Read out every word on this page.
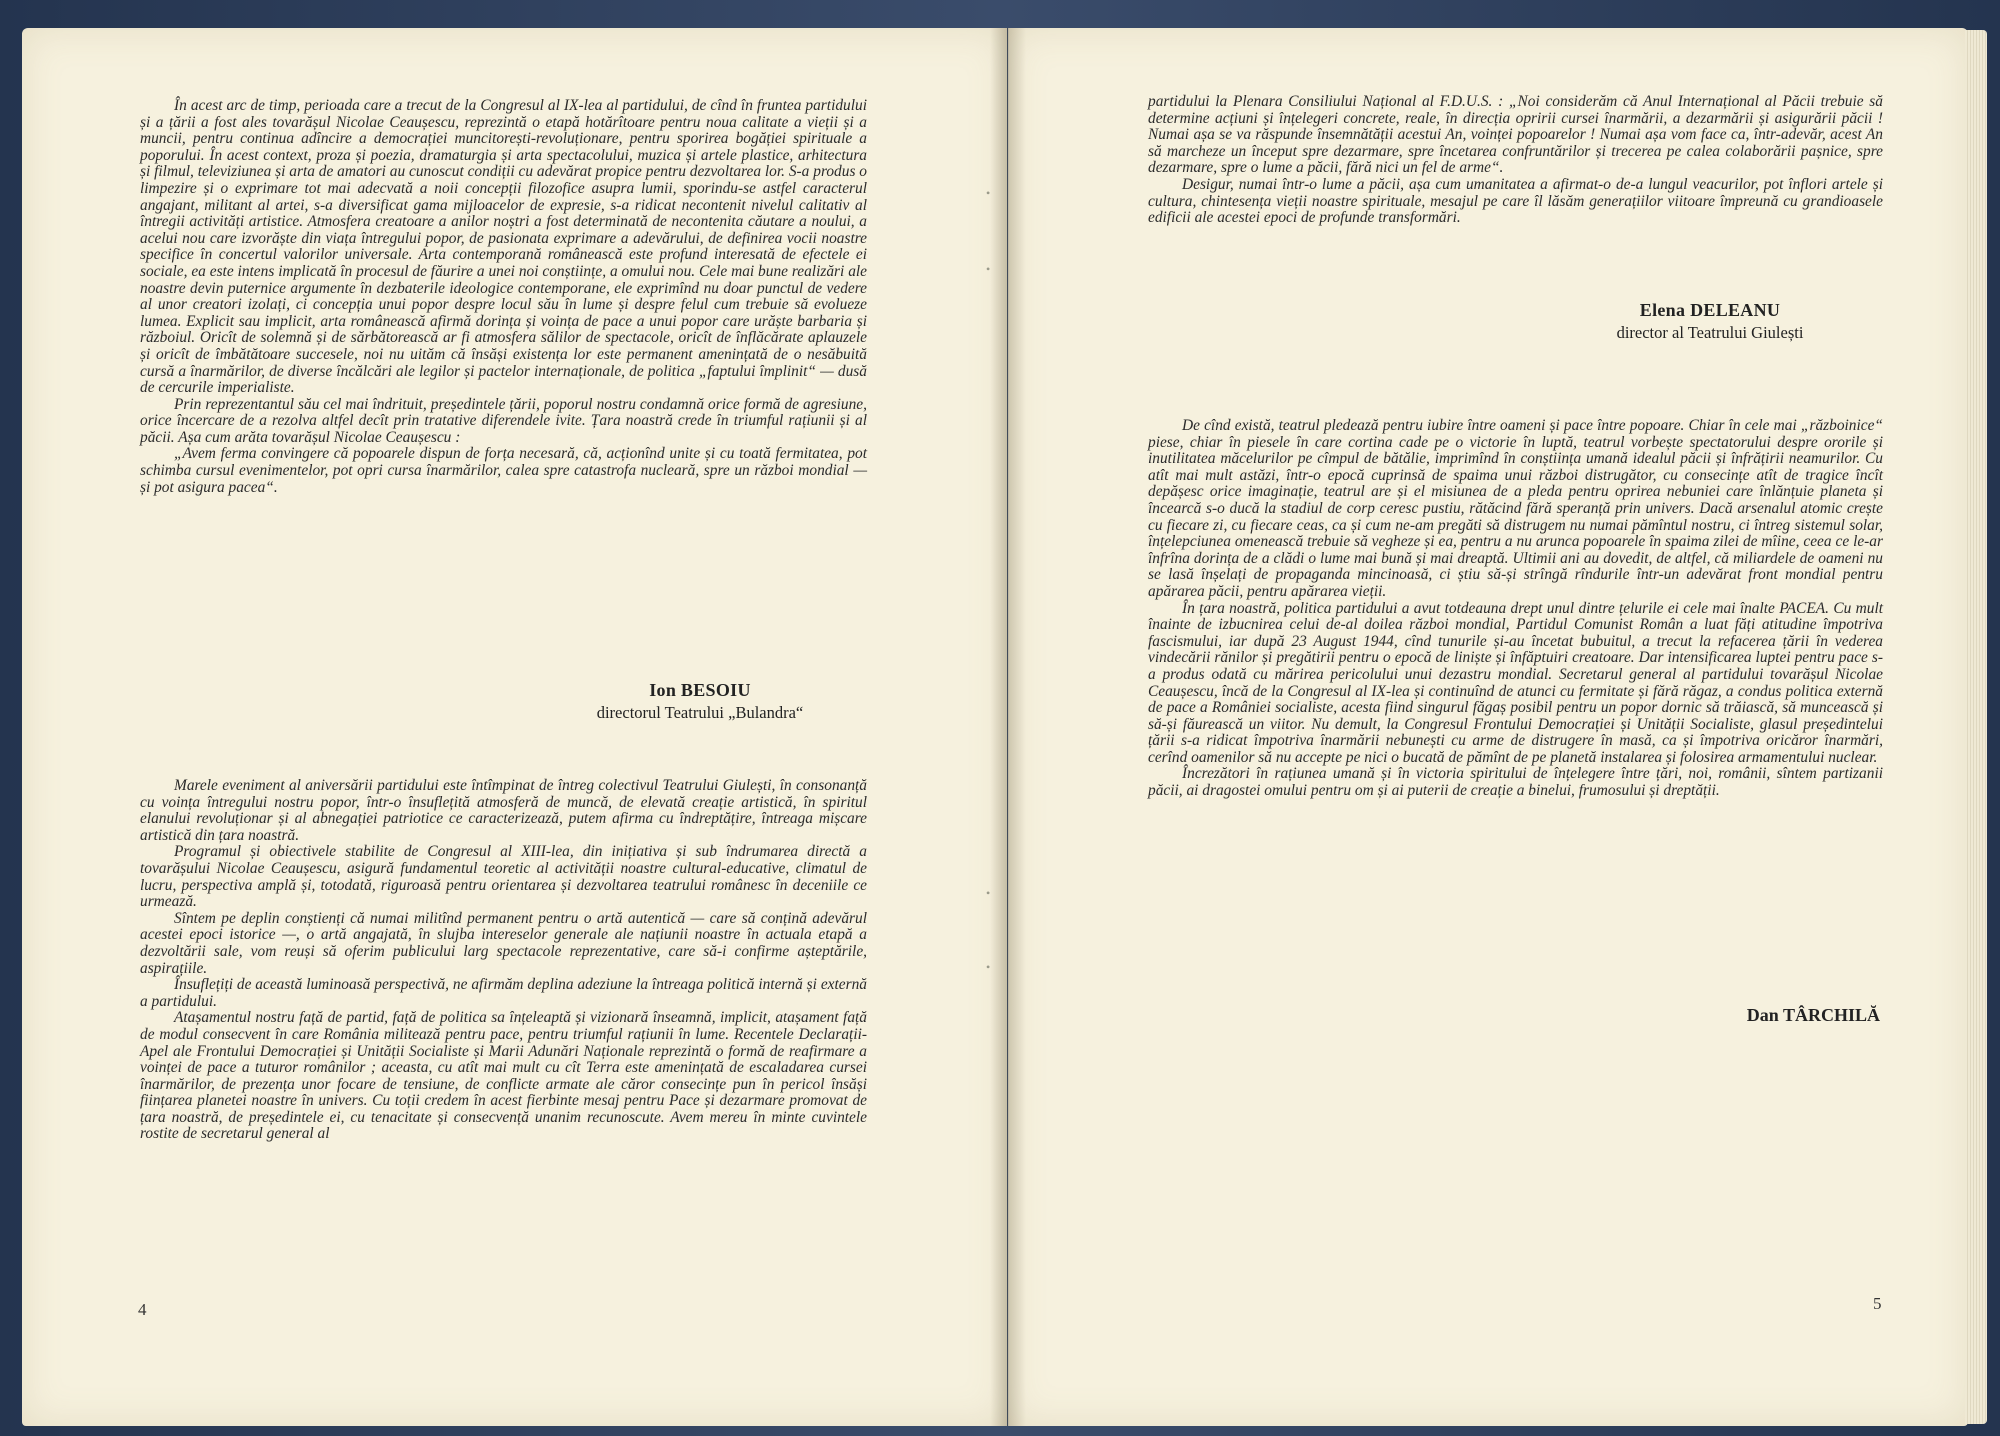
În acest arc de timp, perioada care a trecut de la Congresul al IX-lea al partidului, de cînd în fruntea partidului și a țării a fost ales tovarășul Nicolae Ceaușescu, reprezintă o etapă hotărîtoare pentru noua calitate a vieții și a muncii, pentru continua adîncire a democrației muncitorești-revoluționare, pentru sporirea bogăției spirituale a poporului. În acest context, proza și poezia, dramaturgia și arta spectacolului, muzica și artele plastice, arhitectura și filmul, televiziunea și arta de amatori au cunoscut condiții cu adevărat propice pentru dezvoltarea lor. S-a produs o limpezire și o exprimare tot mai adecvată a noii concepții filozofice asupra lumii, sporindu-se astfel caracterul angajant, militant al artei, s-a diversificat gama mijloacelor de expresie, s-a ridicat necontenit nivelul calitativ al întregii activități artistice. Atmosfera creatoare a anilor noștri a fost determinată de necontenita căutare a noului, a acelui nou care izvorăște din viața întregului popor, de pasionata exprimare a adevărului, de definirea vocii noastre specifice în concertul valorilor universale. Arta contemporană românească este profund interesată de efectele ei sociale, ea este intens implicată în procesul de făurire a unei noi conștiințe, a omului nou. Cele mai bune realizări ale noastre devin puternice argumente în dezbaterile ideologice contemporane, ele exprimînd nu doar punctul de vedere al unor creatori izolați, ci concepția unui popor despre locul său în lume și despre felul cum trebuie să evolueze lumea. Explicit sau implicit, arta românească afirmă dorința și voința de pace a unui popor care urăște barbaria și războiul. Oricît de solemnă și de sărbătorească ar fi atmosfera sălilor de spectacole, oricît de înflăcărate aplauzele și oricît de îmbătătoare succesele, noi nu uităm că însăși existența lor este permanent amenințată de o nesăbuită cursă a înarmărilor, de diverse încălcări ale legilor și pactelor internaționale, de politica „faptului împlinit“ — dusă de cercurile imperialiste.

Prin reprezentantul său cel mai îndrituit, președintele țării, poporul nostru condamnă orice formă de agresiune, orice încercare de a rezolva altfel decît prin tratative diferendele ivite. Țara noastră crede în triumful rațiunii și al păcii. Așa cum arăta tovarășul Nicolae Ceaușescu :

„Avem ferma convingere că popoarele dispun de forța necesară, că, acționînd unite și cu toată fermitatea, pot schimba cursul evenimentelor, pot opri cursa înarmărilor, calea spre catastrofa nucleară, spre un război mondial — și pot asigura pacea“.

Ion BESOIU
directorul Teatrului „Bulandra“

Marele eveniment al aniversării partidului este întîmpinat de întreg colectivul Teatrului Giulești, în consonanță cu voința întregului nostru popor, într-o însuflețită atmosferă de muncă, de elevată creație artistică, în spiritul elanului revoluționar și al abnegației patriotice ce caracterizează, putem afirma cu îndreptățire, întreaga mișcare artistică din țara noastră.

Programul și obiectivele stabilite de Congresul al XIII-lea, din inițiativa și sub îndrumarea directă a tovarășului Nicolae Ceaușescu, asigură fundamentul teoretic al activității noastre cultural-educative, climatul de lucru, perspectiva amplă și, totodată, riguroasă pentru orientarea și dezvoltarea teatrului românesc în deceniile ce urmează.

Sîntem pe deplin conștienți că numai militînd permanent pentru o artă autentică — care să conțină adevărul acestei epoci istorice —, o artă angajată, în slujba intereselor generale ale națiunii noastre în actuala etapă a dezvoltării sale, vom reuși să oferim publicului larg spectacole reprezentative, care să-i confirme așteptările, aspirațiile.

Însuflețiți de această luminoasă perspectivă, ne afirmăm deplina adeziune la întreaga politică internă și externă a partidului.

Atașamentul nostru față de partid, față de politica sa înțeleaptă și vizionară înseamnă, implicit, atașament față de modul consecvent în care România militează pentru pace, pentru triumful rațiunii în lume. Recentele Declarații-Apel ale Frontului Democrației și Unității Socialiste și Marii Adunări Naționale reprezintă o formă de reafirmare a voinței de pace a tuturor românilor ; aceasta, cu atît mai mult cu cît Terra este amenințată de escaladarea cursei înarmărilor, de prezența unor focare de tensiune, de conflicte armate ale căror consecințe pun în pericol însăși ființarea planetei noastre în univers. Cu toții credem în acest fierbinte mesaj pentru Pace și dezarmare promovat de țara noastră, de președintele ei, cu tenacitate și consecvență unanim recunoscute. Avem mereu în minte cuvintele rostite de secretarul general al

4

partidului la Plenara Consiliului Național al F.D.U.S. : „Noi considerăm că Anul Internațional al Păcii trebuie să determine acțiuni și înțelegeri concrete, reale, în direcția opririi cursei înarmării, a dezarmării și asigurării păcii ! Numai așa se va răspunde însemnătății acestui An, voinței popoarelor ! Numai așa vom face ca, într-adevăr, acest An să marcheze un început spre dezarmare, spre încetarea confruntărilor și trecerea pe calea colaborării pașnice, spre dezarmare, spre o lume a păcii, fără nici un fel de arme“.

Desigur, numai într-o lume a păcii, așa cum umanitatea a afirmat-o de-a lungul veacurilor, pot înflori artele și cultura, chintesența vieții noastre spirituale, mesajul pe care îl lăsăm generațiilor viitoare împreună cu grandioasele edificii ale acestei epoci de profunde transformări.

Elena DELEANU
director al Teatrului Giulești

De cînd există, teatrul pledează pentru iubire între oameni și pace între popoare. Chiar în cele mai „războinice“ piese, chiar în piesele în care cortina cade pe o victorie în luptă, teatrul vorbește spectatorului despre ororile și inutilitatea măcelurilor pe cîmpul de bătălie, imprimînd în conștiința umană idealul păcii și înfrățirii neamurilor. Cu atît mai mult astăzi, într-o epocă cuprinsă de spaima unui război distrugător, cu consecințe atît de tragice încît depășesc orice imaginație, teatrul are și el misiunea de a pleda pentru oprirea nebuniei care înlănțuie planeta și încearcă s-o ducă la stadiul de corp ceresc pustiu, rătăcind fără speranță prin univers. Dacă arsenalul atomic crește cu fiecare zi, cu fiecare ceas, ca și cum ne-am pregăti să distrugem nu numai pămîntul nostru, ci întreg sistemul solar, înțelepciunea omenească trebuie să vegheze și ea, pentru a nu arunca popoarele în spaima zilei de mîine, ceea ce le-ar înfrîna dorința de a clădi o lume mai bună și mai dreaptă. Ultimii ani au dovedit, de altfel, că miliardele de oameni nu se lasă înșelați de propaganda mincinoasă, ci știu să-și strîngă rîndurile într-un adevărat front mondial pentru apărarea păcii, pentru apărarea vieții.

În țara noastră, politica partidului a avut totdeauna drept unul dintre țelurile ei cele mai înalte PACEA. Cu mult înainte de izbucnirea celui de-al doilea război mondial, Partidul Comunist Român a luat făți atitudine împotriva fascismului, iar după 23 August 1944, cînd tunurile și-au încetat bubuitul, a trecut la refacerea țării în vederea vindecării rănilor și pregătirii pentru o epocă de liniște și înfăptuiri creatoare. Dar intensificarea luptei pentru pace s-a produs odată cu mărirea pericolului unui dezastru mondial. Secretarul general al partidului tovarășul Nicolae Ceaușescu, încă de la Congresul al IX-lea și continuînd de atunci cu fermitate și fără răgaz, a condus politica externă de pace a României socialiste, acesta fiind singurul făgaș posibil pentru un popor dornic să trăiască, să muncească și să-și făurească un viitor. Nu demult, la Congresul Frontului Democrației și Unității Socialiste, glasul președintelui țării s-a ridicat împotriva înarmării nebunești cu arme de distrugere în masă, ca și împotriva oricăror înarmări, cerînd oamenilor să nu accepte pe nici o bucată de pămînt de pe planetă instalarea și folosirea armamentului nuclear.

Încrezători în rațiunea umană și în victoria spiritului de înțelegere între țări, noi, românii, sîntem partizanii păcii, ai dragostei omului pentru om și ai puterii de creație a binelui, frumosului și dreptății.

Dan TÂRCHILĂ
5
•
•
•
•
